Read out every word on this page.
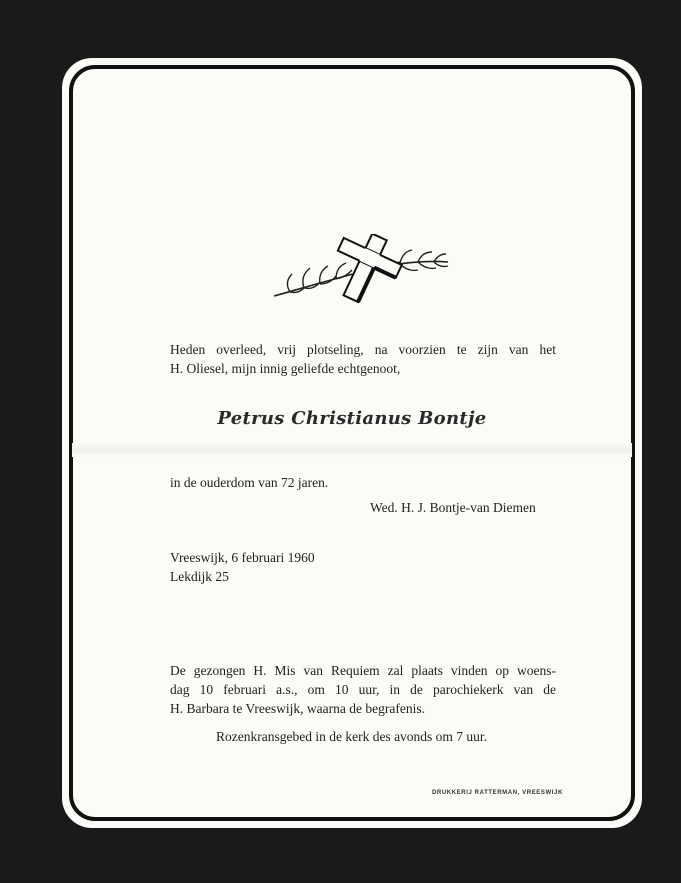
Heden overleed, vrij plotseling, na voorzien te zijn van het
H. Oliesel, mijn innig geliefde echtgenoot,
Petrus Christianus Bontje
in de ouderdom van 72 jaren.
Wed. H. J. Bontje-van Diemen
Vreeswijk, 6 februari 1960
Lekdijk 25
De gezongen H. Mis van Requiem zal plaats vinden op woens-
dag 10 februari a.s., om 10 uur, in de parochiekerk van de
H. Barbara te Vreeswijk, waarna de begrafenis.
Rozenkransgebed in de kerk des avonds om 7 uur.
DRUKKERIJ RATTERMAN, VREESWIJK
